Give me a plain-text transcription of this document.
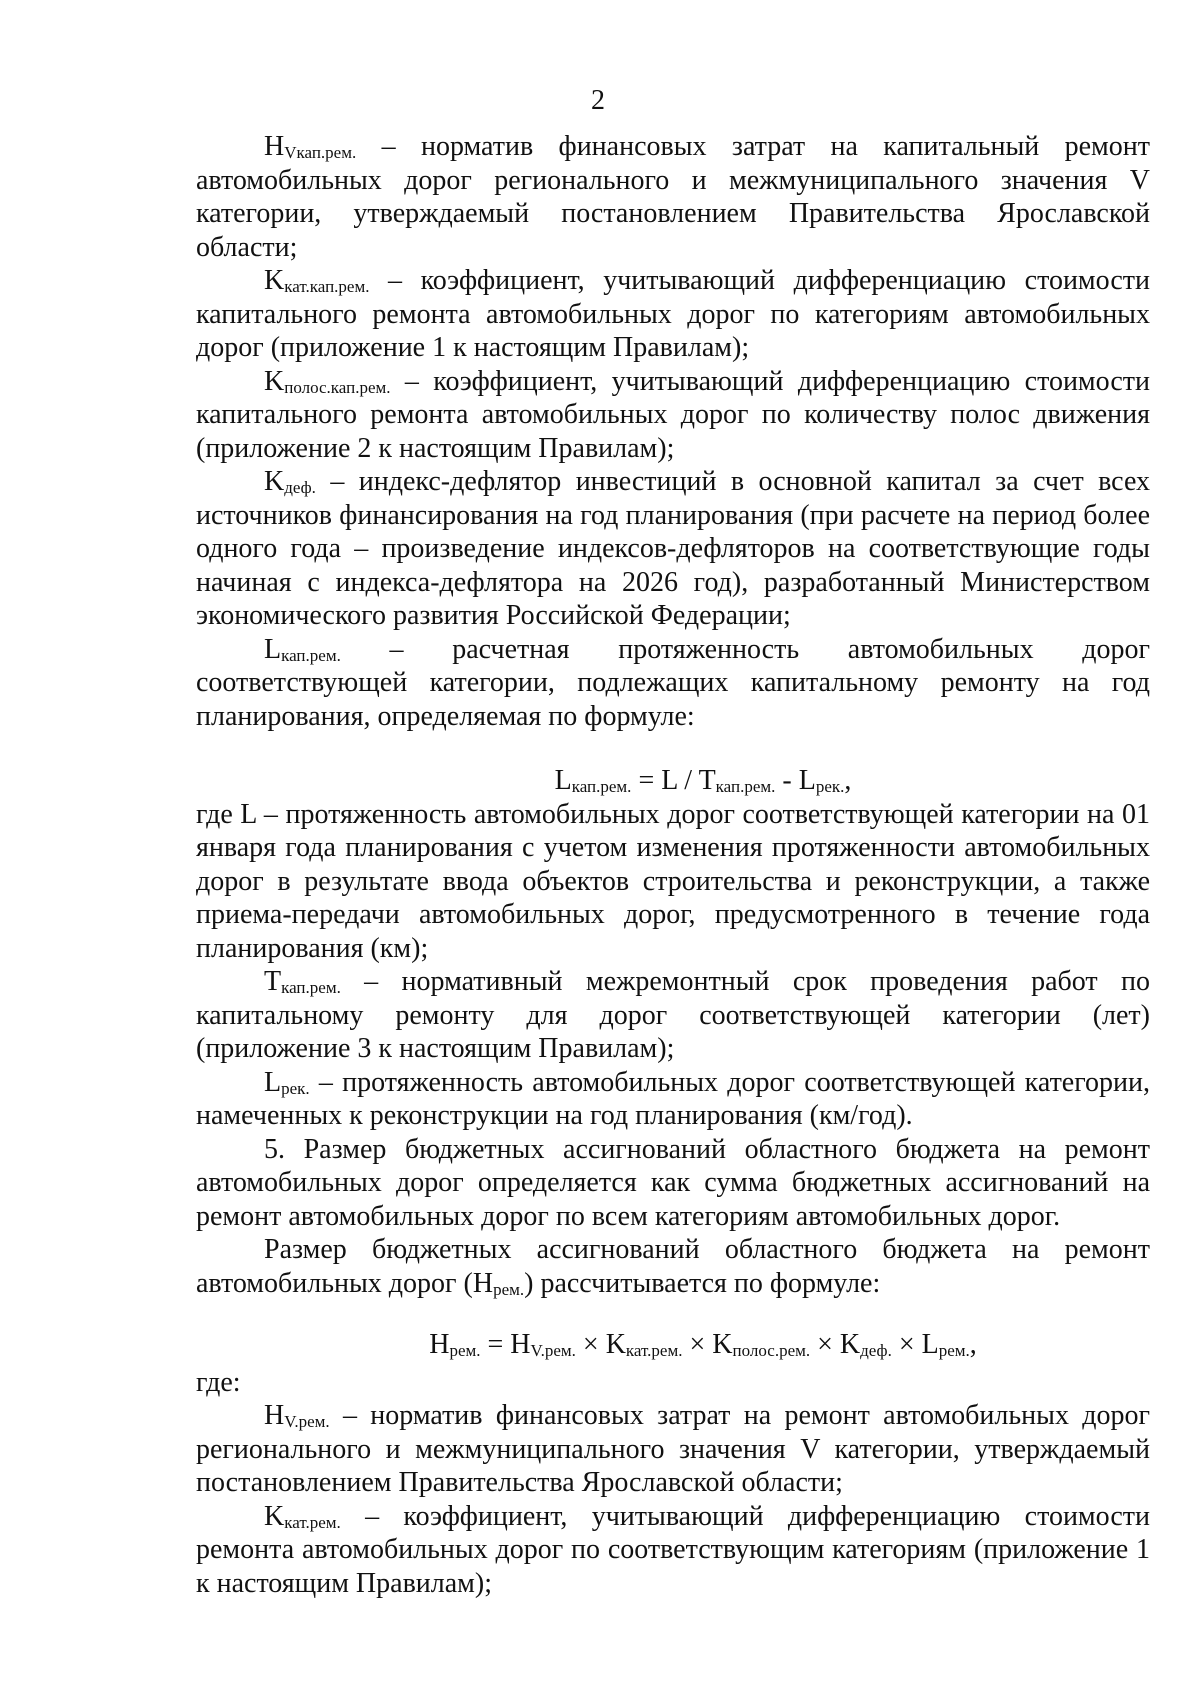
2

$H_{Vкап.рем.}$ – норматив финансовых затрат на капитальный ремонт автомобильных дорог регионального и межмуниципального значения V категории, утверждаемый постановлением Правительства Ярославской области;

$K_{кат.кап.рем.}$ – коэффициент, учитывающий дифференциацию стоимости капитального ремонта автомобильных дорог по категориям автомобильных дорог (приложение 1 к настоящим Правилам);

$K_{полос.кап.рем.}$ – коэффициент, учитывающий дифференциацию стоимости капитального ремонта автомобильных дорог по количеству полос движения (приложение 2 к настоящим Правилам);

$K_{деф.}$ – индекс-дефлятор инвестиций в основной капитал за счет всех источников финансирования на год планирования (при расчете на период более одного года – произведение индексов-дефляторов на соответствующие годы начиная с индекса-дефлятора на 2026 год), разработанный Министерством экономического развития Российской Федерации;

$L_{кап.рем.}$ – расчетная протяженность автомобильных дорог соответствующей категории, подлежащих капитальному ремонту на год планирования, определяемая по формуле:

$L_{кап.рем.} = L / T_{кап.рем.} - L_{рек.}$,

где L – протяженность автомобильных дорог соответствующей категории на 01 января года планирования с учетом изменения протяженности автомобильных дорог в результате ввода объектов строительства и реконструкции, а также приема-передачи автомобильных дорог, предусмотренного в течение года планирования (км);

$T_{кап.рем.}$ – нормативный межремонтный срок проведения работ по капитальному ремонту для дорог соответствующей категории (лет) (приложение 3 к настоящим Правилам);

$L_{рек.}$ – протяженность автомобильных дорог соответствующей категории, намеченных к реконструкции на год планирования (км/год).

5. Размер бюджетных ассигнований областного бюджета на ремонт автомобильных дорог определяется как сумма бюджетных ассигнований на ремонт автомобильных дорог по всем категориям автомобильных дорог.

Размер бюджетных ассигнований областного бюджета на ремонт автомобильных дорог $(H_{рем.})$ рассчитывается по формуле:

$H_{рем.} = H_{V.рем.} \times K_{кат.рем.} \times K_{полос.рем.} \times K_{деф.} \times L_{рем.}$,

где:

$H_{V.рем.}$ – норматив финансовых затрат на ремонт автомобильных дорог регионального и межмуниципального значения V категории, утверждаемый постановлением Правительства Ярославской области;

$K_{кат.рем.}$ – коэффициент, учитывающий дифференциацию стоимости ремонта автомобильных дорог по соответствующим категориям (приложение 1 к настоящим Правилам);
